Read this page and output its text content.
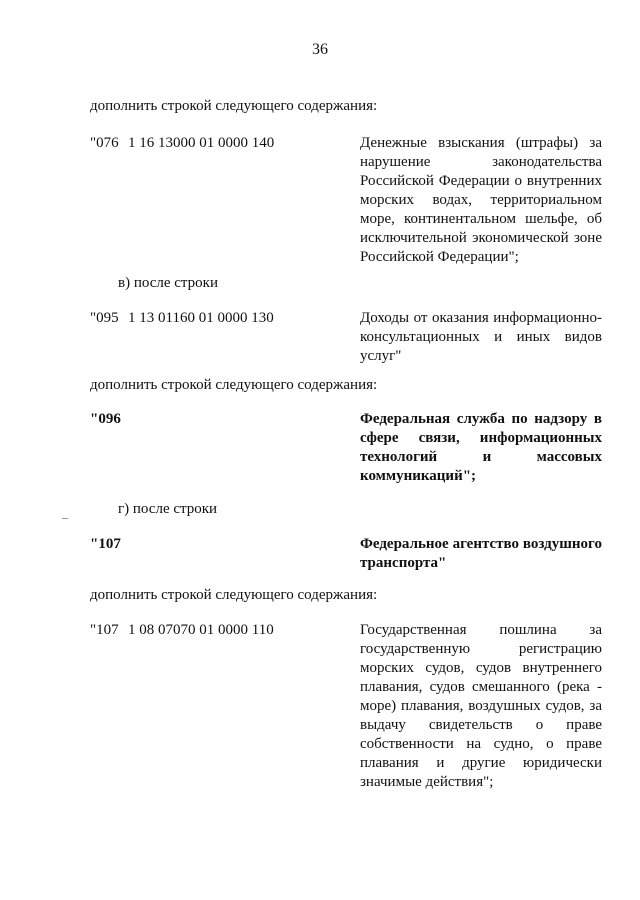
36
дополнить строкой следующего содержания:
"076 1 16 13000 01 0000 140	Денежные взыскания (штрафы) за нарушение законодательства Российской Федерации о внутренних морских водах, территориальном море, континентальном шельфе, об исключительной экономической зоне Российской Федерации";
в) после строки
"095 1 13 01160 01 0000 130	Доходы от оказания информационно-консультационных и иных видов услуг"
дополнить строкой следующего содержания:
"096	Федеральная служба по надзору в сфере связи, информационных технологий и массовых коммуникаций";
г) после строки
"107	Федеральное агентство воздушного транспорта"
дополнить строкой следующего содержания:
"107 1 08 07070 01 0000 110	Государственная пошлина за государственную регистрацию морских судов, судов внутреннего плавания, судов смешанного (река - море) плавания, воздушных судов, за выдачу свидетельств о праве собственности на судно, о праве плавания и другие юридически значимые действия";
